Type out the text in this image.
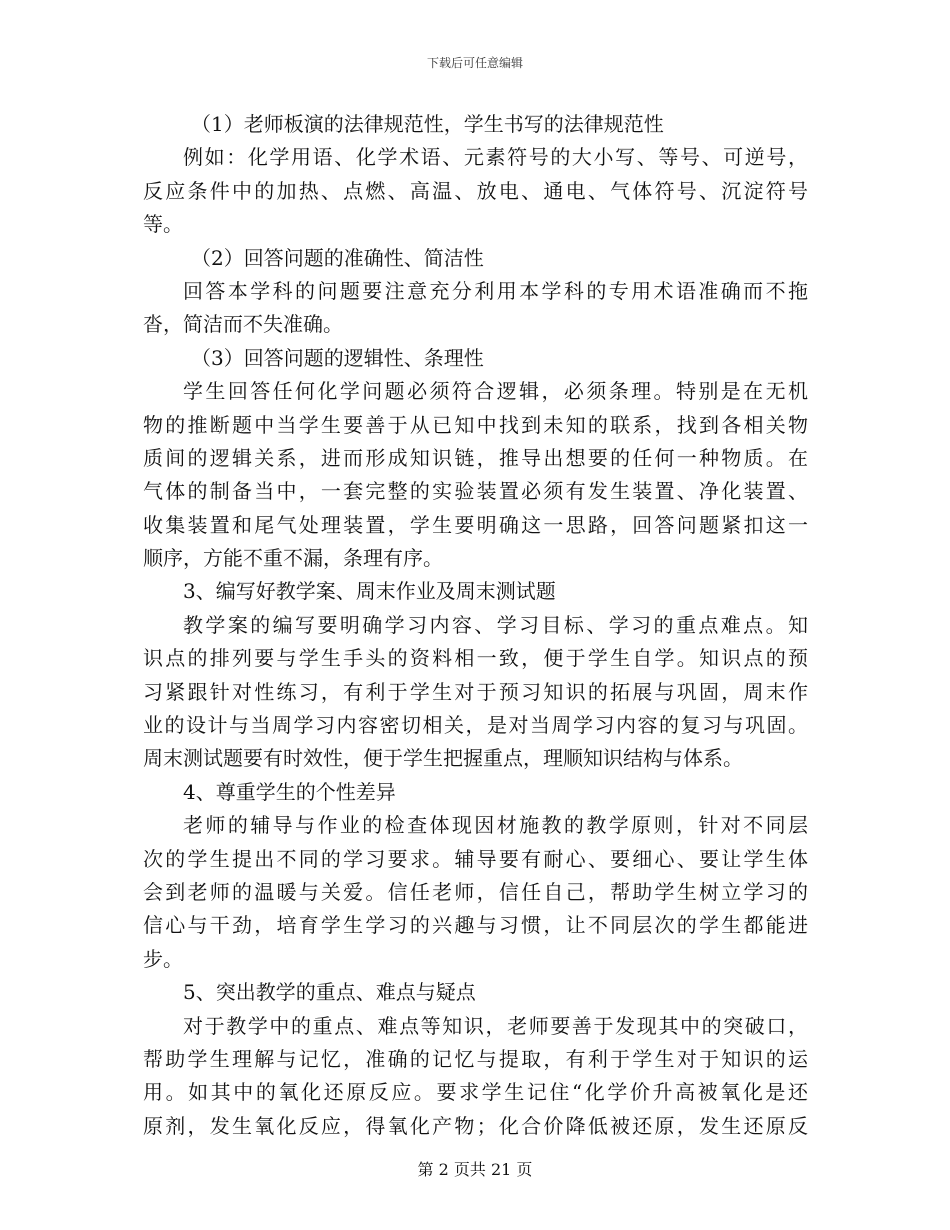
下载后可任意编辑
（1）老师板演的法律规范性，学生书写的法律规范性
例如：化学用语、化学术语、元素符号的大小写、等号、可逆号，
反应条件中的加热、点燃、高温、放电、通电、气体符号、沉淀符号
等。
（2）回答问题的准确性、简洁性
回答本学科的问题要注意充分利用本学科的专用术语准确而不拖
沓，简洁而不失准确。
（3）回答问题的逻辑性、条理性
学生回答任何化学问题必须符合逻辑，必须条理。特别是在无机
物的推断题中当学生要善于从已知中找到未知的联系，找到各相关物
质间的逻辑关系，进而形成知识链，推导出想要的任何一种物质。在
气体的制备当中，一套完整的实验装置必须有发生装置、净化装置、
收集装置和尾气处理装置，学生要明确这一思路，回答问题紧扣这一
顺序，方能不重不漏，条理有序。
3、编写好教学案、周末作业及周末测试题
教学案的编写要明确学习内容、学习目标、学习的重点难点。知
识点的排列要与学生手头的资料相一致，便于学生自学。知识点的预
习紧跟针对性练习，有利于学生对于预习知识的拓展与巩固，周末作
业的设计与当周学习内容密切相关，是对当周学习内容的复习与巩固。
周末测试题要有时效性，便于学生把握重点，理顺知识结构与体系。
4、尊重学生的个性差异
老师的辅导与作业的检查体现因材施教的教学原则，针对不同层
次的学生提出不同的学习要求。辅导要有耐心、要细心、要让学生体
会到老师的温暖与关爱。信任老师，信任自己，帮助学生树立学习的
信心与干劲，培育学生学习的兴趣与习惯，让不同层次的学生都能进
步。
5、突出教学的重点、难点与疑点
对于教学中的重点、难点等知识，老师要善于发现其中的突破口，
帮助学生理解与记忆，准确的记忆与提取，有利于学生对于知识的运
用。如其中的氧化还原反应。要求学生记住“化学价升高被氧化是还
原剂，发生氧化反应，得氧化产物；化合价降低被还原，发生还原反
第 2 页共 21 页
